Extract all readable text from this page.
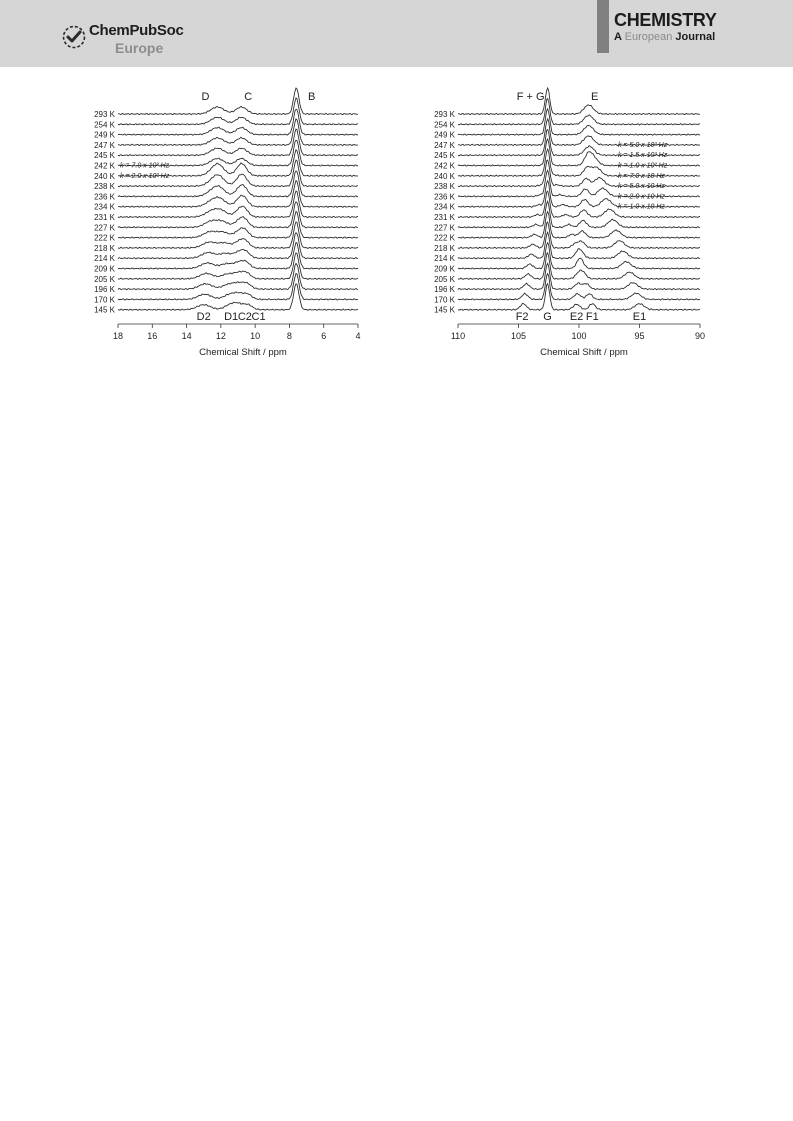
ChemPubSoc
Europe
CHEMISTRY
A European Journal
293 K
254 K
249 K
247 K
245 K
242 K
240 K
238 K
236 K
234 K
231 K
227 K
222 K
218 K
214 K
209 K
205 K
196 K
170 K
145 K
18	16	14	12	10	8	6	4
Chemical Shift / ppm
D	C	B
D2 D1 C2 C1
k = 7.0 x 10² Hz
k = 2.0 x 10² Hz
293 K
254 K
249 K
247 K
245 K
242 K
240 K
238 K
236 K
234 K
231 K
227 K
222 K
218 K
214 K
209 K
205 K
196 K
170 K
145 K
110	105	100	95	90
Chemical Shift / ppm
F + G	E
F2 G E2 F1	E1
k = 5.0 x 10³ Hz
k = 1.5 x 10³ Hz
k = 1.0 x 10² Hz
k = 7.0 x 10 Hz
k = 5.0 x 10 Hz
k = 2.0 x 10 Hz
k = 1.0 x 10 Hz
